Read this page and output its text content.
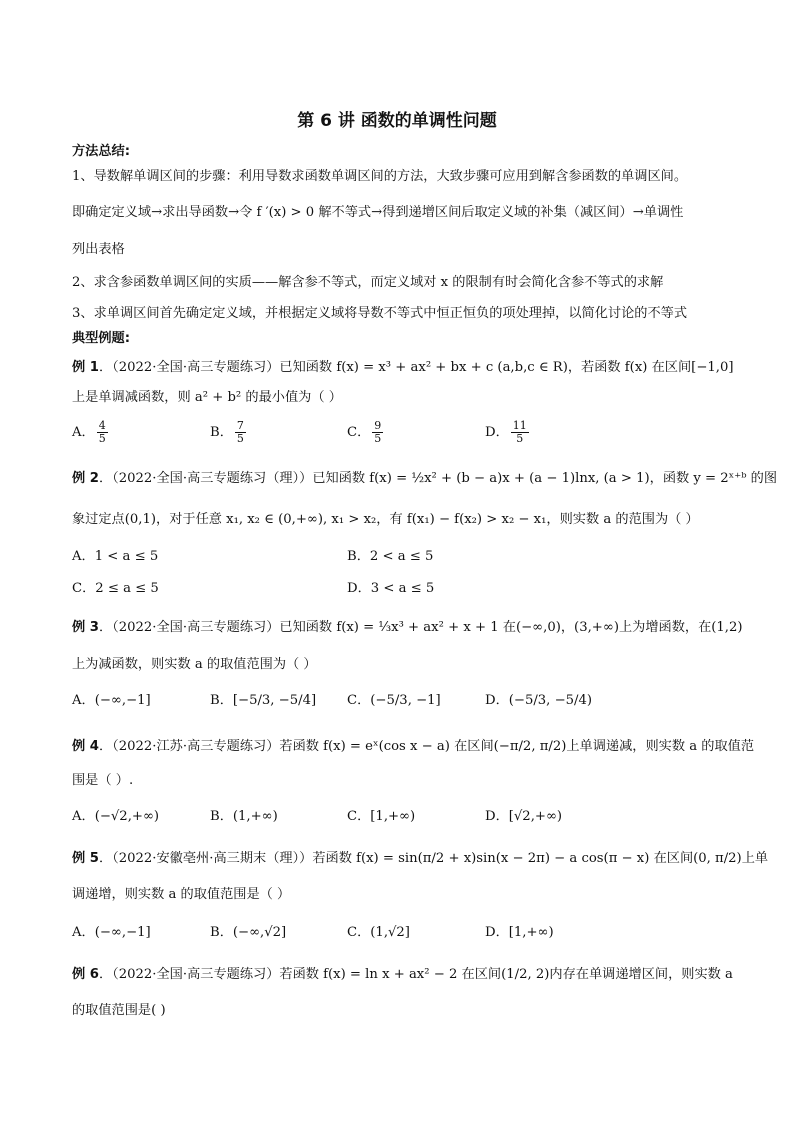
第 6 讲 函数的单调性问题
方法总结:
1、导数解单调区间的步骤：利用导数求函数单调区间的方法，大致步骤可应用到解含参函数的单调区间。
即确定定义域→求出导函数→令 f ′(x) > 0 解不等式→得到递增区间后取定义域的补集（减区间）→单调性
列出表格
2、求含参函数单调区间的实质——解含参不等式，而定义域对 x 的限制有时会简化含参不等式的求解
3、求单调区间首先确定定义域，并根据定义域将导数不等式中恒正恒负的项处理掉，以简化讨论的不等式
典型例题:
例 1．（2022·全国·高三专题练习）已知函数 f(x) = x³ + ax² + bx + c (a,b,c ∈ R)，若函数 f(x) 在区间[−1,0]
上是单调减函数，则 a² + b² 的最小值为（ ）
A． $\frac{4}{5}$	B． $\frac{7}{5}$	C． $\frac{9}{5}$	D． $\frac{11}{5}$
例 2．（2022·全国·高三专题练习（理））已知函数 f(x) = ½x² + (b − a)x + (a − 1)lnx, (a > 1)，函数 y = 2ˣ⁺ᵇ 的图
象过定点(0,1)，对于任意 x₁, x₂ ∈ (0,+∞), x₁ > x₂，有 f(x₁) − f(x₂) > x₂ − x₁，则实数 a 的范围为（ ）
A．1 < a ≤ 5	B．2 < a ≤ 5
C．2 ≤ a ≤ 5	D．3 < a ≤ 5
例 3．（2022·全国·高三专题练习）已知函数 f(x) = ⅓x³ + ax² + x + 1 在(−∞,0)，(3,+∞)上为增函数，在(1,2)
上为减函数，则实数 a 的取值范围为（ ）
A．(−∞,−1]	B．[−5/3, −5/4] C．(−5/3, −1]	D．(−5/3, −5/4)
例 4．（2022·江苏·高三专题练习）若函数 f(x) = eˣ(cos x − a) 在区间(−π/2, π/2)上单调递减，则实数 a 的取值范
围是（ ）.
A．(−√2,+∞)	B．(1,+∞)	C．[1,+∞)	D．[√2,+∞)
例 5．（2022·安徽亳州·高三期末（理））若函数 f(x) = sin(π/2 + x)sin(x − 2π) − a cos(π − x) 在区间(0, π/2)上单
调递增，则实数 a 的取值范围是（ ）
A．(−∞,−1]	B．(−∞,√2]	C．(1,√2]	D．[1,+∞)
例 6．（2022·全国·高三专题练习）若函数 f(x) = ln x + ax² − 2 在区间(1/2, 2)内存在单调递增区间，则实数 a
的取值范围是( )
